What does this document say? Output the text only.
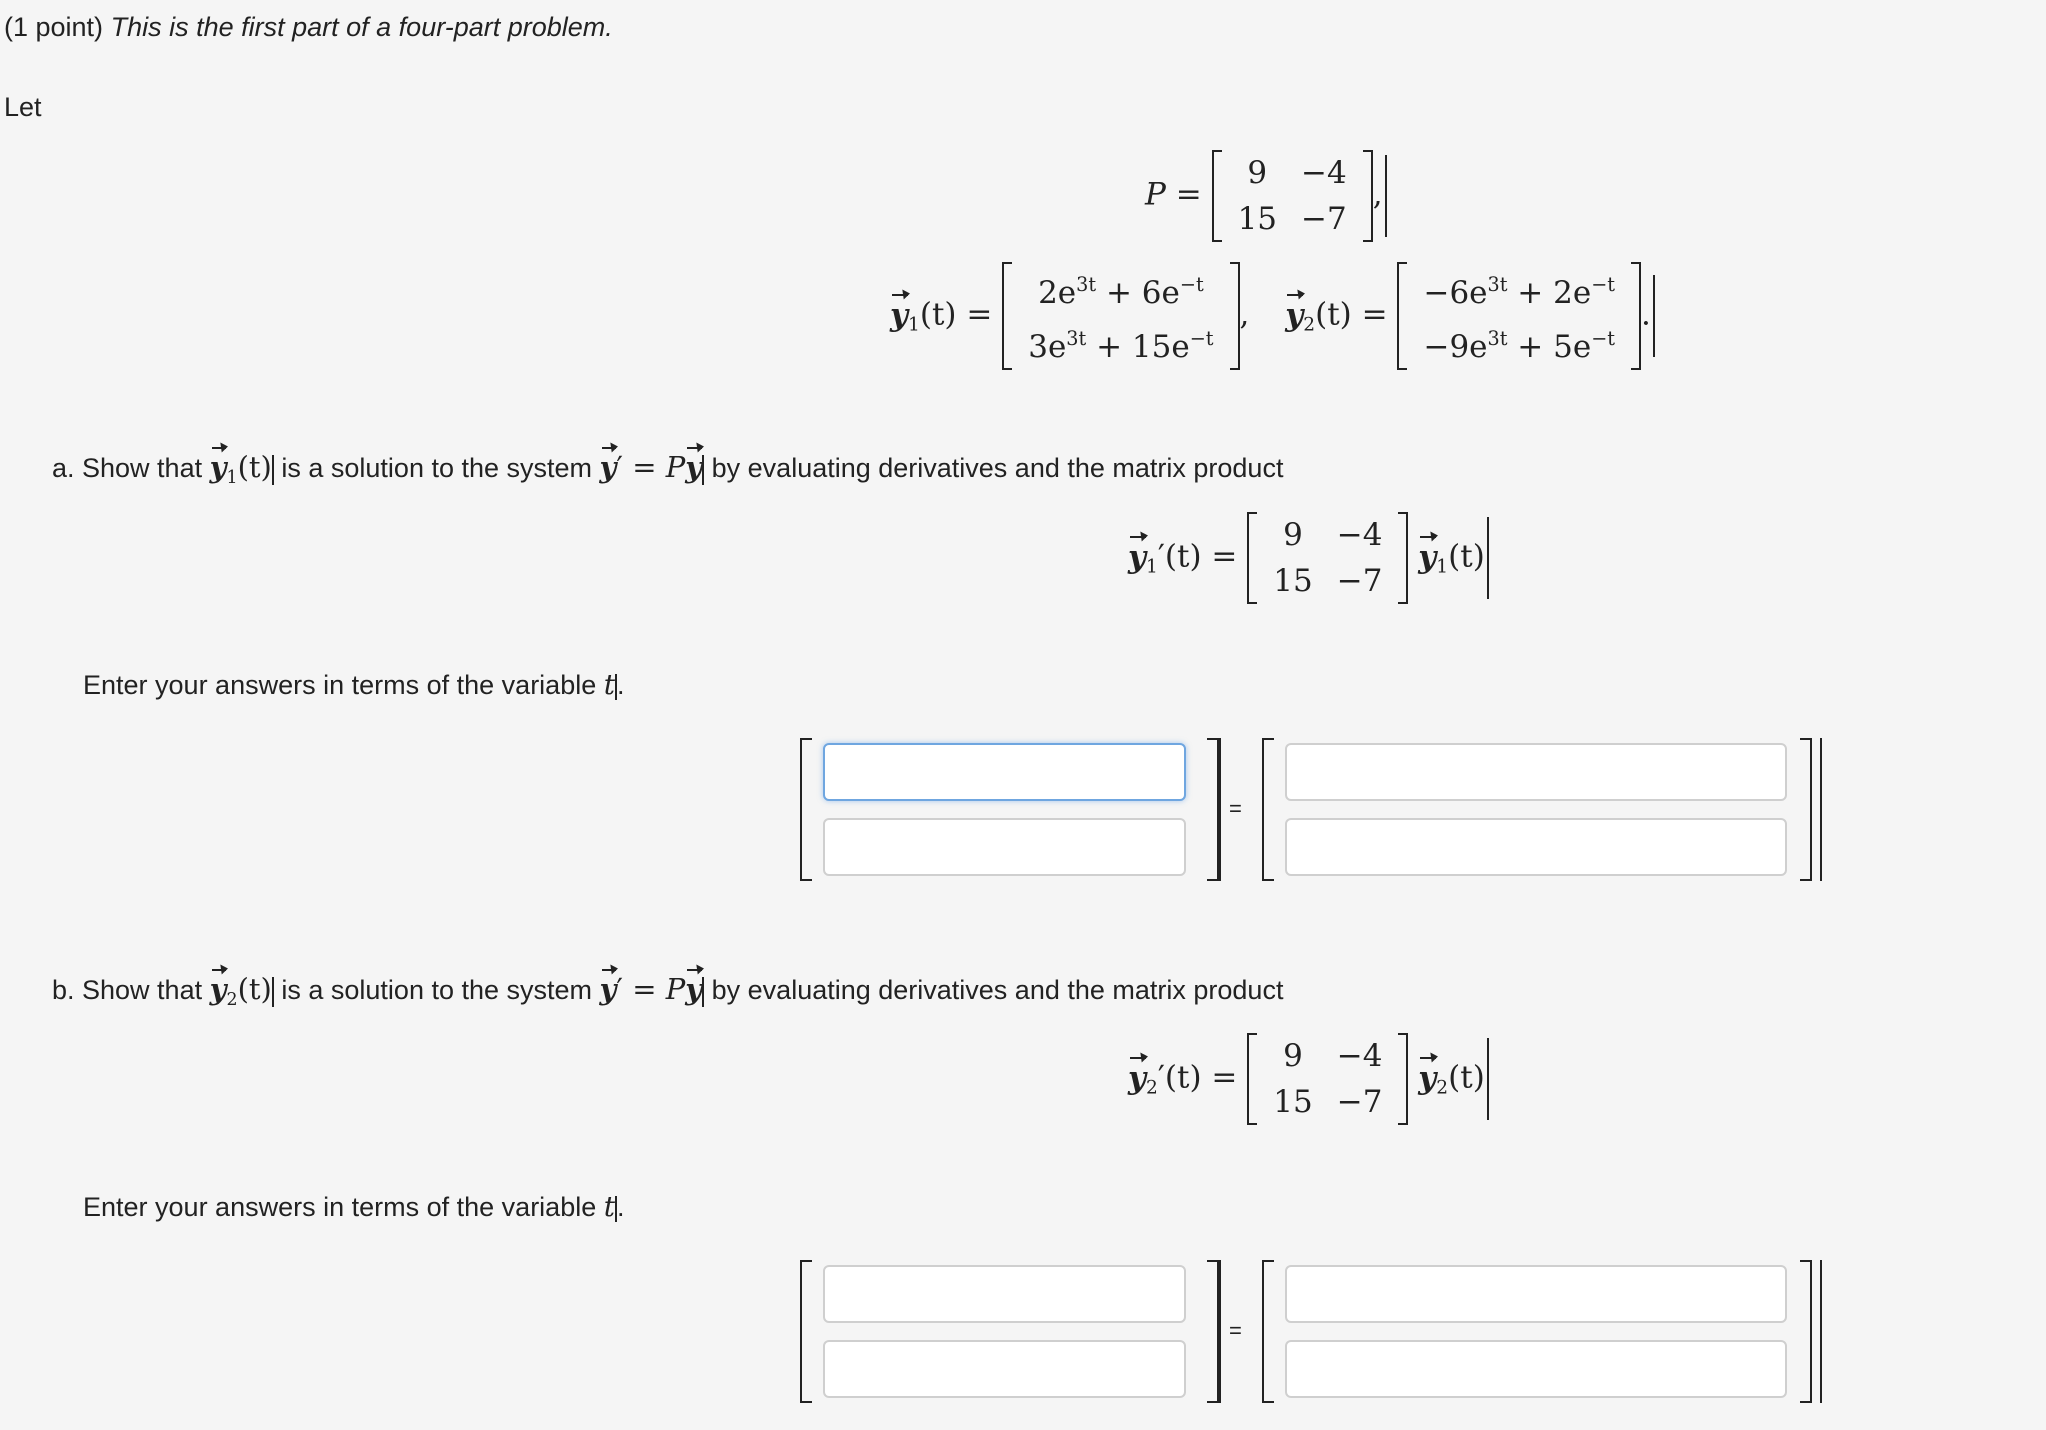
(1 point) This is the first part of a four-part problem.
Let
P =
9	−4
15	−7
,
$y_1(t)$ =
$2e^{3t} + 6e^{-t}$
$3e^{3t} + 15e^{-t}$
, $y_2(t)$ =
$-6e^{3t} + 2e^{-t}$
$-9e^{3t} + 5e^{-t}$
.
a. Show that $y_1(t)$ is a solution to the system y′ = Py by evaluating derivatives and the matrix product
$y_1'(t)$ =
9	−4
15	−7
$y_1(t)$
Enter your answers in terms of the variable t.
=
b. Show that $y_2(t)$ is a solution to the system y′ = Py by evaluating derivatives and the matrix product
$y_2'(t)$ =
9	−4
15	−7
$y_2(t)$
Enter your answers in terms of the variable t.
=
